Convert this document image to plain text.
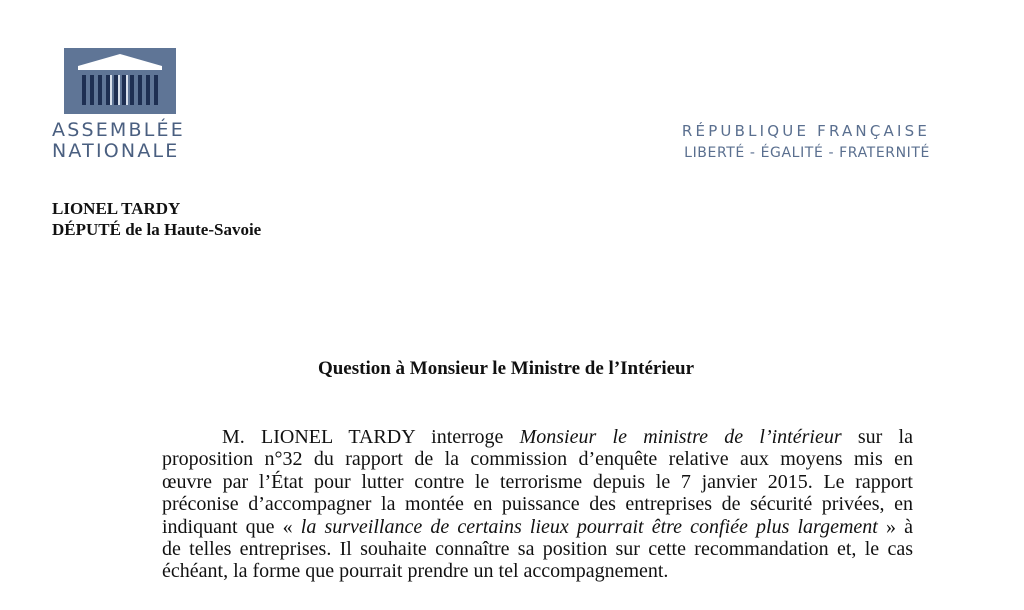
ASSEMBLÉE
NATIONALE
RÉPUBLIQUE FRANÇAISE
LIBERTÉ - ÉGALITÉ - FRATERNITÉ
LIONEL TARDY
DÉPUTÉ de la Haute-Savoie
Question à Monsieur le Ministre de l’Intérieur
M. LIONEL TARDY interroge Monsieur le ministre de l’intérieur sur la
proposition n°32 du rapport de la commission d’enquête relative aux moyens mis en
œuvre par l’État pour lutter contre le terrorisme depuis le 7 janvier 2015. Le rapport
préconise d’accompagner la montée en puissance des entreprises de sécurité privées, en
indiquant que « la surveillance de certains lieux pourrait être confiée plus largement » à
de telles entreprises. Il souhaite connaître sa position sur cette recommandation et, le cas
échéant, la forme que pourrait prendre un tel accompagnement.
